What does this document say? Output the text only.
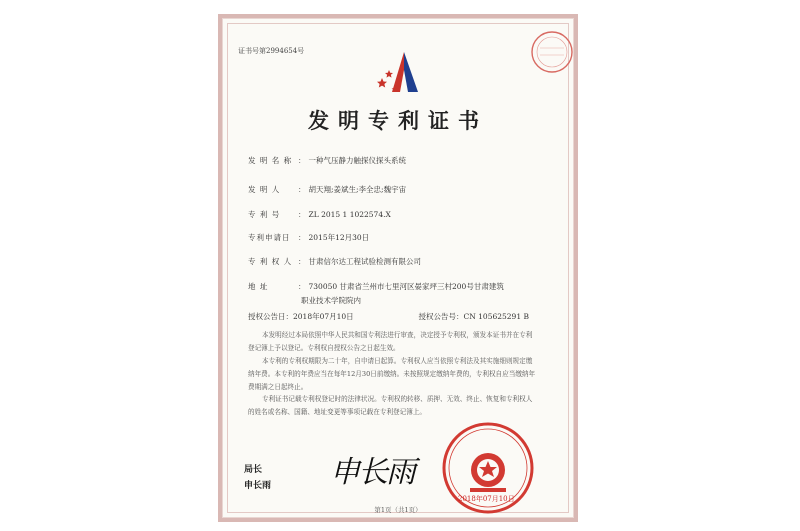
证书号第2994654号
发明专利证书
发 明 名 称 ： 一种气压静力触探仪探头系统
发 明 人 ： 胡天翔;姜斌生;李全忠;魏宇宙
专 利 号 ： ZL 2015 1 1022574.X
专利申请日 ： 2015年12月30日
专 利 权 人 ： 甘肃信尔达工程试验检测有限公司
地 址	： 730050 甘肃省兰州市七里河区晏家坪三村200号甘肃建筑
职业技术学院院内
授权公告日：2018年07月10日	授权公告号：CN 105625291 B

本发明经过本局依照中华人民共和国专利法进行审查，决定授予专利权，颁发本证书并在专利登记簿上予以登记。专利权自授权公告之日起生效。

本专利的专利权期限为二十年，自申请日起算。专利权人应当依照专利法及其实施细则规定缴纳年费。本专利的年费应当在每年12月30日前缴纳。未按照规定缴纳年费的，专利权自应当缴纳年费期满之日起终止。

专利证书记载专利权登记时的法律状况。专利权的转移、质押、无效、终止、恢复和专利权人的姓名或名称、国籍、地址变更等事项记载在专利登记簿上。

2018年07月10日
局长
申长雨 申长雨
第1页（共1页）
